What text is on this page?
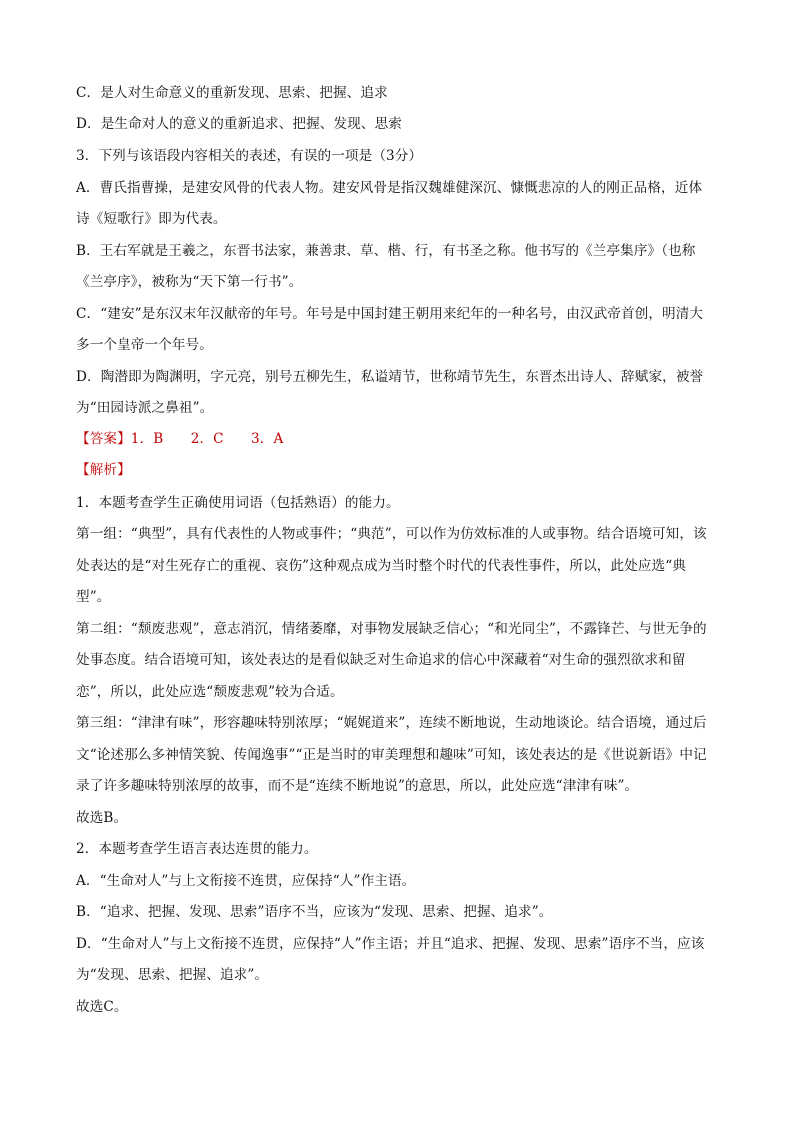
C．是人对生命意义的重新发现、思索、把握、追求
D．是生命对人的意义的重新追求、把握、发现、思索
3．下列与该语段内容相关的表述，有误的一项是（3分）
A．曹氏指曹操，是建安风骨的代表人物。建安风骨是指汉魏雄健深沉、慷慨悲凉的人的刚正品格，近体
诗《短歌行》即为代表。
B．王右军就是王羲之，东晋书法家，兼善隶、草、楷、行，有书圣之称。他书写的《兰亭集序》（也称
《兰亭序》，被称为“天下第一行书”。
C．“建安”是东汉末年汉献帝的年号。年号是中国封建王朝用来纪年的一种名号，由汉武帝首创，明清大
多一个皇帝一个年号。
D．陶潜即为陶渊明，字元亮，别号五柳先生，私谥靖节，世称靖节先生，东晋杰出诗人、辞赋家，被誉
为“田园诗派之鼻祖”。
【答案】1．B　　2．C　　3．A
【解析】
1．本题考查学生正确使用词语（包括熟语）的能力。
第一组：“典型”，具有代表性的人物或事件；“典范”，可以作为仿效标准的人或事物。结合语境可知，该
处表达的是“对生死存亡的重视、哀伤”这种观点成为当时整个时代的代表性事件，所以，此处应选“典
型”。
第二组：“颓废悲观”，意志消沉，情绪萎靡，对事物发展缺乏信心；“和光同尘”，不露锋芒、与世无争的
处事态度。结合语境可知，该处表达的是看似缺乏对生命追求的信心中深藏着“对生命的强烈欲求和留
恋”，所以，此处应选“颓废悲观”较为合适。
第三组：“津津有味”，形容趣味特别浓厚；“娓娓道来”，连续不断地说，生动地谈论。结合语境，通过后
文“论述那么多神情笑貌、传闻逸事”“正是当时的审美理想和趣味”可知，该处表达的是《世说新语》中记
录了许多趣味特别浓厚的故事，而不是“连续不断地说”的意思，所以，此处应选“津津有味”。
故选B。
2．本题考查学生语言表达连贯的能力。
A．“生命对人”与上文衔接不连贯，应保持“人”作主语。
B．“追求、把握、发现、思索”语序不当，应该为“发现、思索、把握、追求”。
D．“生命对人”与上文衔接不连贯，应保持“人”作主语；并且“追求、把握、发现、思索”语序不当，应该
为“发现、思索、把握、追求”。
故选C。
